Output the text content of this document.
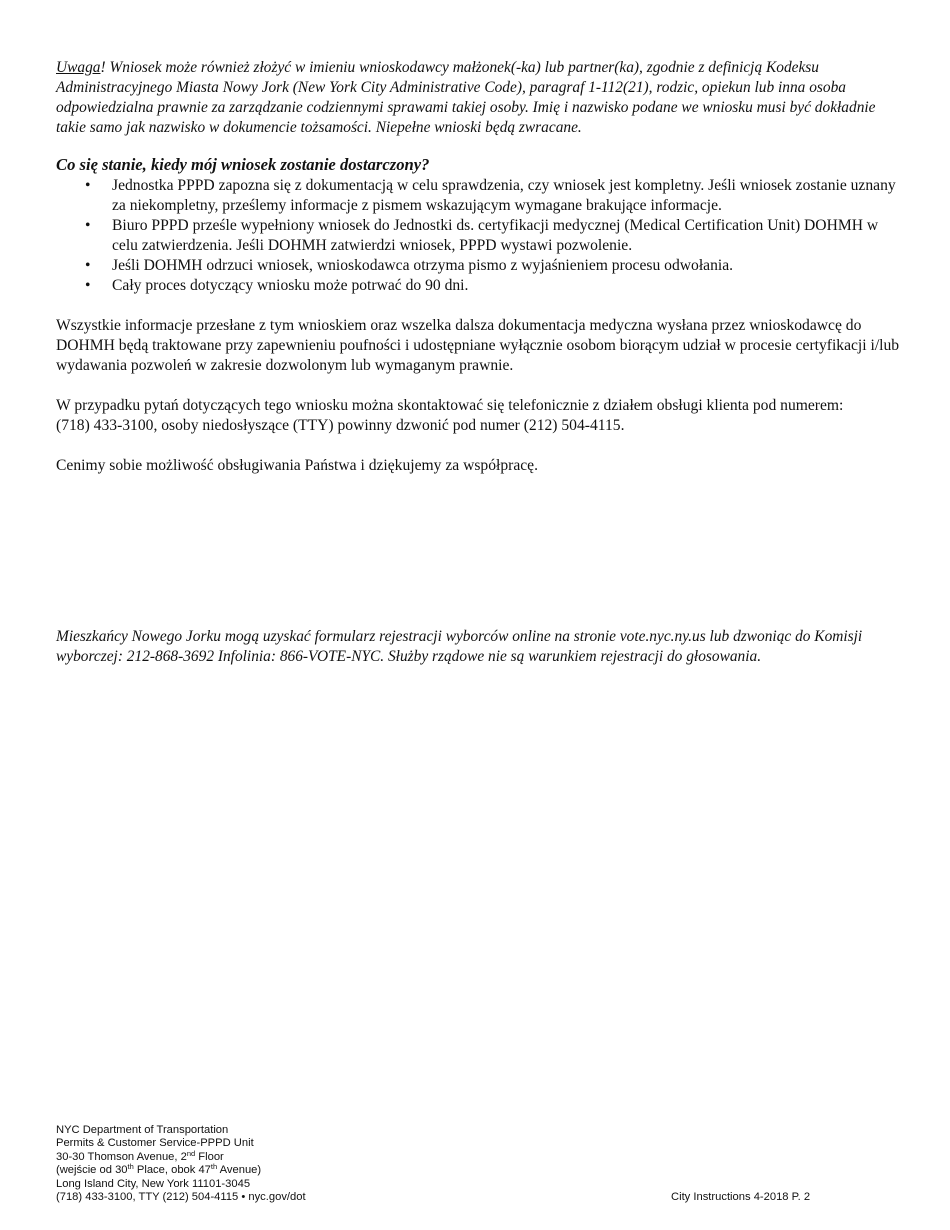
Uwaga! Wniosek może również złożyć w imieniu wnioskodawcy małżonek(-ka) lub partner(ka), zgodnie z definicją Kodeksu Administracyjnego Miasta Nowy Jork (New York City Administrative Code), paragraf 1-112(21), rodzic, opiekun lub inna osoba odpowiedzialna prawnie za zarządzanie codziennymi sprawami takiej osoby. Imię i nazwisko podane we wniosku musi być dokładnie takie samo jak nazwisko w dokumencie tożsamości. Niepełne wnioski będą zwracane.

Co się stanie, kiedy mój wniosek zostanie dostarczony?
• Jednostka PPPD zapozna się z dokumentacją w celu sprawdzenia, czy wniosek jest kompletny. Jeśli wniosek zostanie uznany za niekompletny, prześlemy informacje z pismem wskazującym wymagane brakujące informacje.
• Biuro PPPD prześle wypełniony wniosek do Jednostki ds. certyfikacji medycznej (Medical Certification Unit) DOHMH w celu zatwierdzenia. Jeśli DOHMH zatwierdzi wniosek, PPPD wystawi pozwolenie.
• Jeśli DOHMH odrzuci wniosek, wnioskodawca otrzyma pismo z wyjaśnieniem procesu odwołania.
• Cały proces dotyczący wniosku może potrwać do 90 dni.

Wszystkie informacje przesłane z tym wnioskiem oraz wszelka dalsza dokumentacja medyczna wysłana przez wnioskodawcę do DOHMH będą traktowane przy zapewnieniu poufności i udostępniane wyłącznie osobom biorącym udział w procesie certyfikacji i/lub wydawania pozwoleń w zakresie dozwolonym lub wymaganym prawnie.

W przypadku pytań dotyczących tego wniosku można skontaktować się telefonicznie z działem obsługi klienta pod numerem:

(718) 433-3100, osoby niedosłyszące (TTY) powinny dzwonić pod numer (212) 504-4115.

Cenimy sobie możliwość obsługiwania Państwa i dziękujemy za współpracę.

Mieszkańcy Nowego Jorku mogą uzyskać formularz rejestracji wyborców online na stronie vote.nyc.ny.us lub dzwoniąc do Komisji wyborczej: 212-868-3692 Infolinia: 866-VOTE-NYC. Służby rządowe nie są warunkiem rejestracji do głosowania.

NYC Department of Transportation
Permits & Customer Service-PPPD Unit
30-30 Thomson Avenue, 2nd Floor
(wejście od 30th Place, obok 47th Avenue)
Long Island City, New York 11101-3045
(718) 433-3100, TTY (212) 504-4115 • nyc.gov/dot	City Instructions 4-2018 P. 2
